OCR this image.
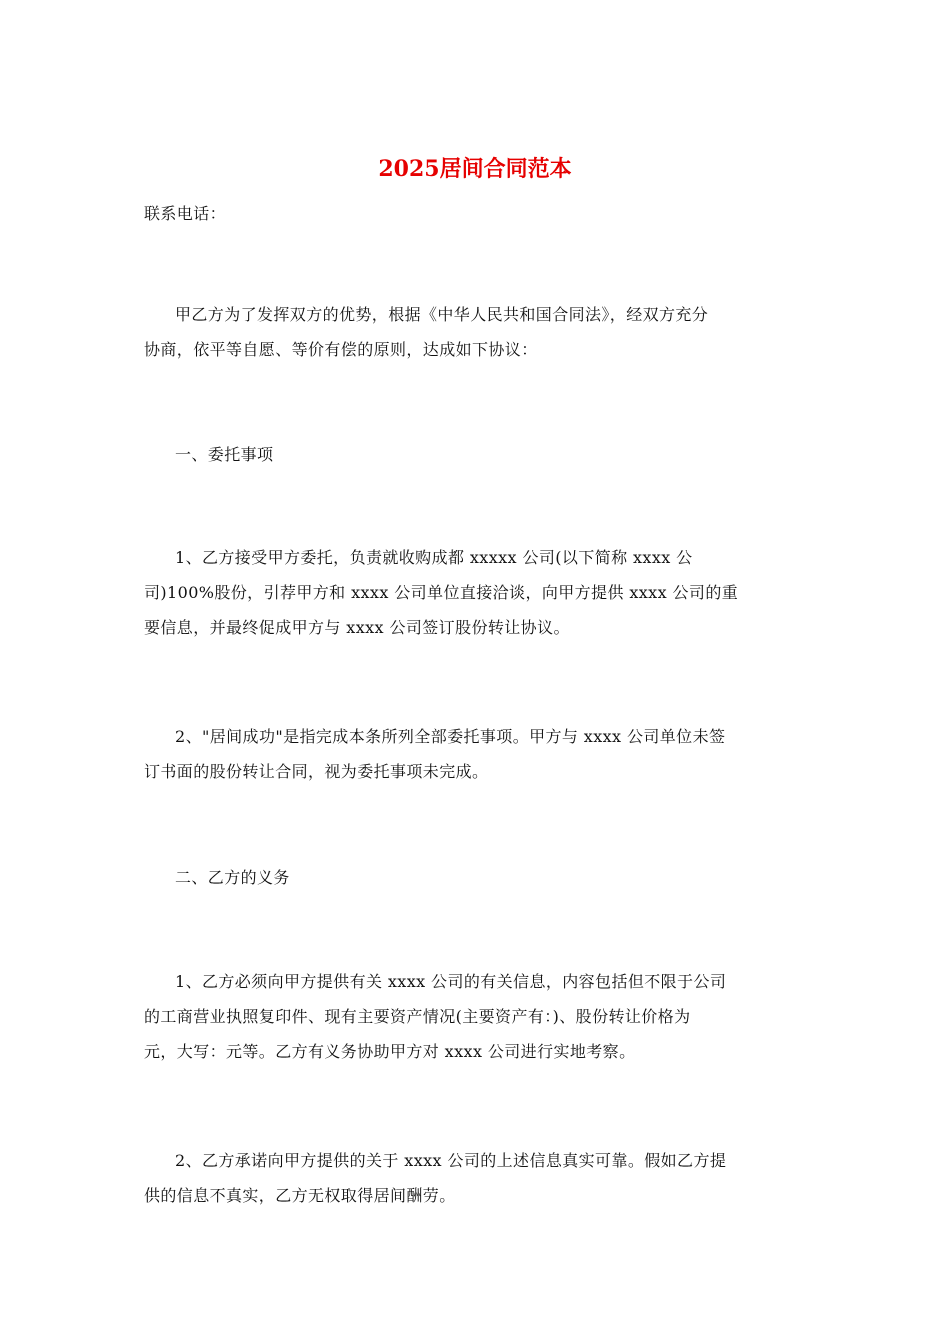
2025居间合同范本

联系电话：

甲乙方为了发挥双方的优势，根据《中华人民共和国合同法》，经双方充分
协商，依平等自愿、等价有偿的原则，达成如下协议：

一、委托事项

1、乙方接受甲方委托，负责就收购成都 xxxxx 公司(以下简称 xxxx 公
司)100%股份，引荐甲方和 xxxx 公司单位直接洽谈，向甲方提供 xxxx 公司的重
要信息，并最终促成甲方与 xxxx 公司签订股份转让协议。

2、"居间成功"是指完成本条所列全部委托事项。甲方与 xxxx 公司单位未签
订书面的股份转让合同，视为委托事项未完成。

二、乙方的义务

1、乙方必须向甲方提供有关 xxxx 公司的有关信息，内容包括但不限于公司
的工商营业执照复印件、现有主要资产情况(主要资产有：)、股份转让价格为
元，大写：元等。乙方有义务协助甲方对 xxxx 公司进行实地考察。

2、乙方承诺向甲方提供的关于 xxxx 公司的上述信息真实可靠。假如乙方提
供的信息不真实，乙方无权取得居间酬劳。
